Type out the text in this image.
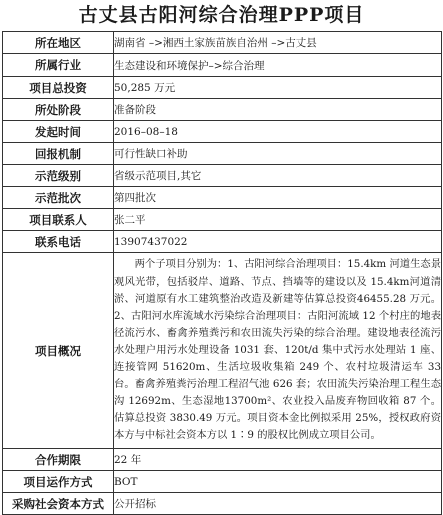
古丈县古阳河综合治理PPP项目
所在地区	湖南省 –>湘西土家族苗族自治州 –>古丈县
所属行业	生态建设和环境保护–>综合治理
项目总投资	50,285 万元
所处阶段	准备阶段
发起时间	2016–08–18
回报机制	可行性缺口补助
示范级别	省级示范项目,其它
示范批次	第四批次
项目联系人	张二平
联系电话	13907437022
项目概况	两个子项目分别为：1、古阳河综合治理项目：15.4km 河道生态景观风光带，包括驳岸、道路、节点、挡墙等的建设以及 15.4km河道清淤、河道原有水工建筑整治改造及新建等估算总投资46455.28 万元。2、古阳河水库流域水污染综合治理项目：古阳河流域 12 个村庄的地表径流污水、畜禽养殖粪污和农田流失污染的综合治理。建设地表径流污水处理户用污水处理设备 1031 套、120t/d 集中式污水处理站 1 座、连接管网 51620m、生活垃圾收集箱 249 个、农村垃圾清运车 33 台。畜禽养殖粪污治理工程沼气池 626 套；农田流失污染治理工程生态沟 12692m、生态湿地13700m²、农业投入品废弃物回收箱 87 个。估算总投资 3830.49 万元。项目资本金比例拟采用 25%，授权政府资本方与中标社会资本方以 1∶9 的股权比例成立项目公司。

合作期限	22 年
项目运作方式	BOT
采购社会资本方式	公开招标
